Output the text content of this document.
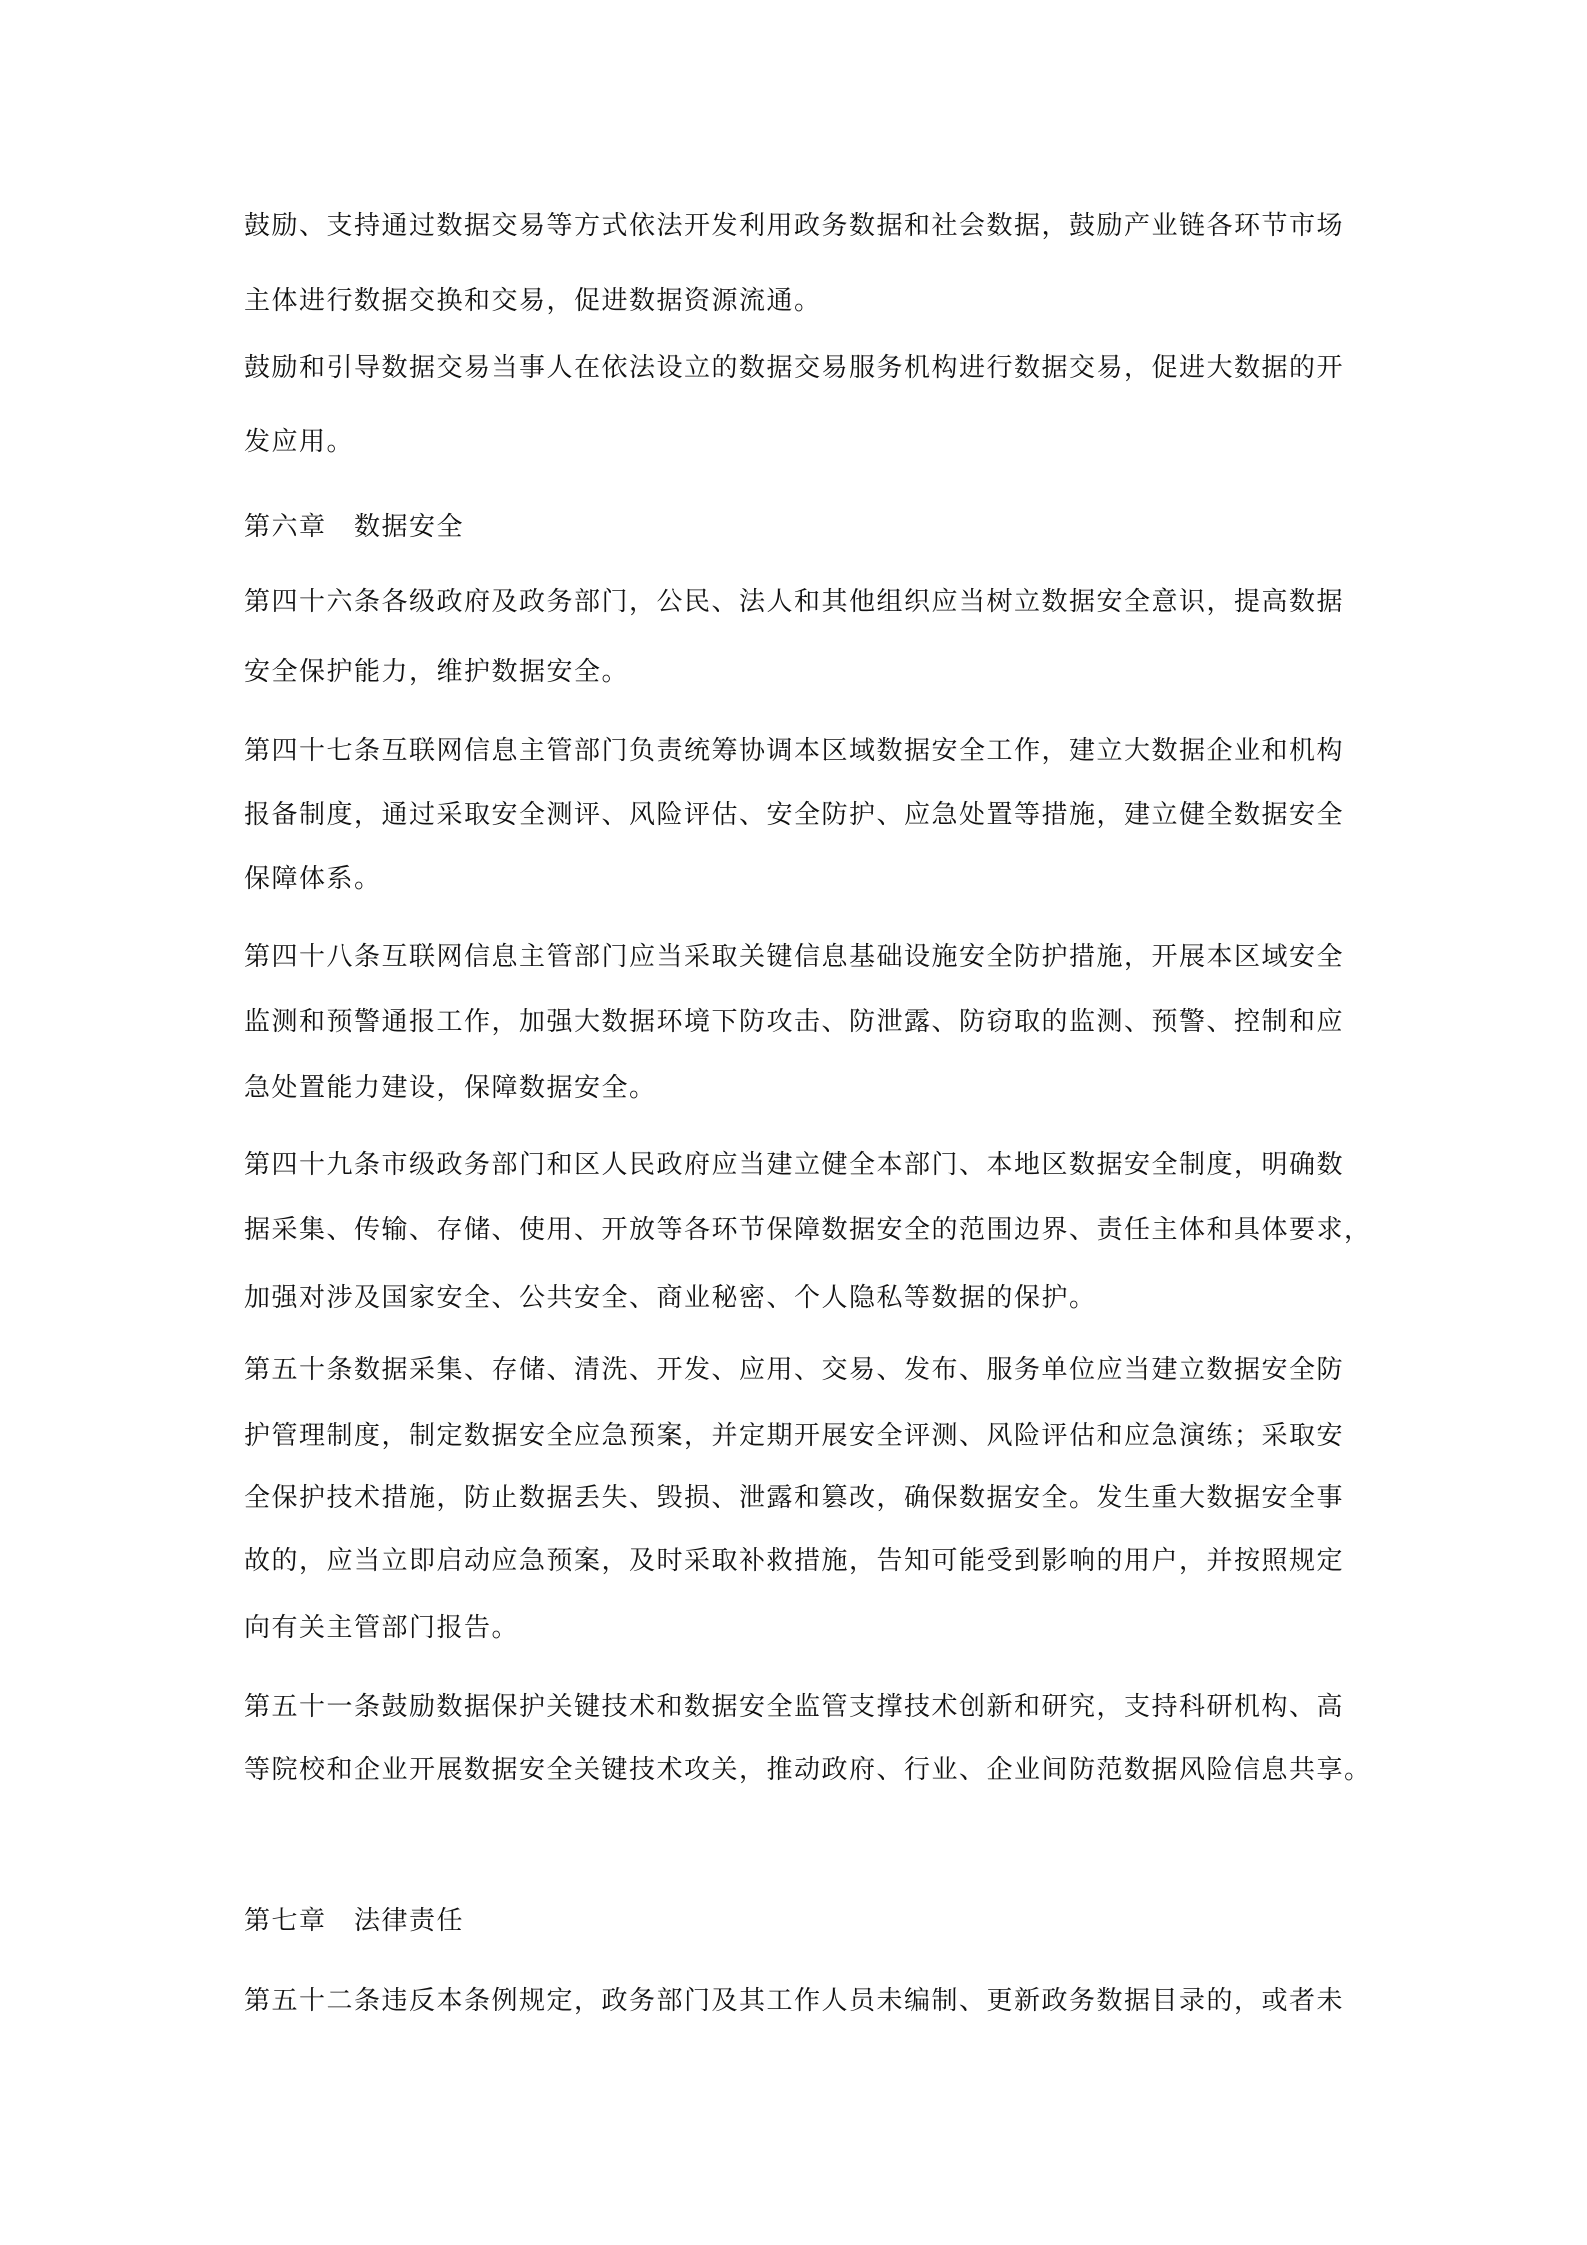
鼓励、支持通过数据交易等方式依法开发利用政务数据和社会数据，鼓励产业链各环节市场

主体进行数据交换和交易，促进数据资源流通。

鼓励和引导数据交易当事人在依法设立的数据交易服务机构进行数据交易，促进大数据的开

发应用。

第六章　数据安全

第四十六条各级政府及政务部门，公民、法人和其他组织应当树立数据安全意识，提高数据

安全保护能力，维护数据安全。

第四十七条互联网信息主管部门负责统筹协调本区域数据安全工作，建立大数据企业和机构

报备制度，通过采取安全测评、风险评估、安全防护、应急处置等措施，建立健全数据安全

保障体系。

第四十八条互联网信息主管部门应当采取关键信息基础设施安全防护措施，开展本区域安全

监测和预警通报工作，加强大数据环境下防攻击、防泄露、防窃取的监测、预警、控制和应

急处置能力建设，保障数据安全。

第四十九条市级政务部门和区人民政府应当建立健全本部门、本地区数据安全制度，明确数

据采集、传输、存储、使用、开放等各环节保障数据安全的范围边界、责任主体和具体要求，

加强对涉及国家安全、公共安全、商业秘密、个人隐私等数据的保护。

第五十条数据采集、存储、清洗、开发、应用、交易、发布、服务单位应当建立数据安全防

护管理制度，制定数据安全应急预案，并定期开展安全评测、风险评估和应急演练；采取安

全保护技术措施，防止数据丢失、毁损、泄露和篡改，确保数据安全。发生重大数据安全事

故的，应当立即启动应急预案，及时采取补救措施，告知可能受到影响的用户，并按照规定

向有关主管部门报告。

第五十一条鼓励数据保护关键技术和数据安全监管支撑技术创新和研究，支持科研机构、高

等院校和企业开展数据安全关键技术攻关，推动政府、行业、企业间防范数据风险信息共享。

第七章　法律责任

第五十二条违反本条例规定，政务部门及其工作人员未编制、更新政务数据目录的，或者未
